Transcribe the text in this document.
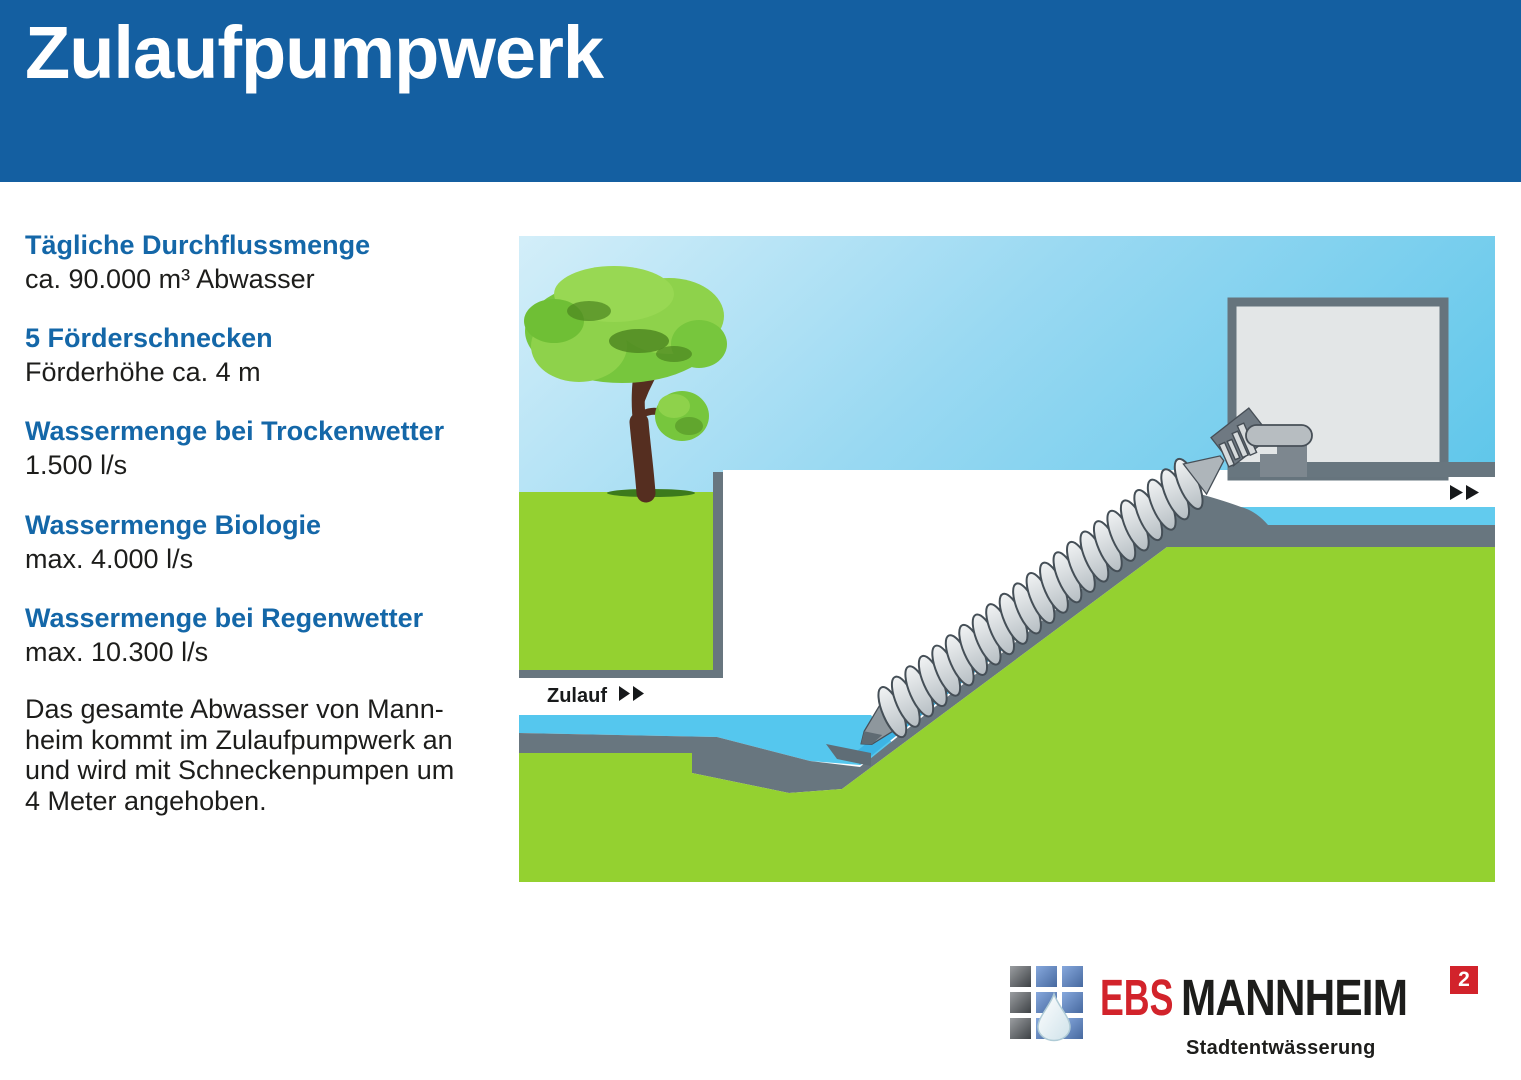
Zulaufpumpwerk
Tägliche Durchflussmenge
ca. 90.000 m³ Abwasser
5 Förderschnecken
Förderhöhe ca. 4 m
Wassermenge bei Trockenwetter
1.500 l/s
Wassermenge Biologie
max. 4.000 l/s
Wassermenge bei Regenwetter
max. 10.300 l/s
Das gesamte Abwasser von Mann-
heim kommt im Zulaufpumpwerk an
und wird mit Schneckenpumpen um
4 Meter angehoben.
Zulauf
EBS MANNHEIM	2
Stadtentwässerung
